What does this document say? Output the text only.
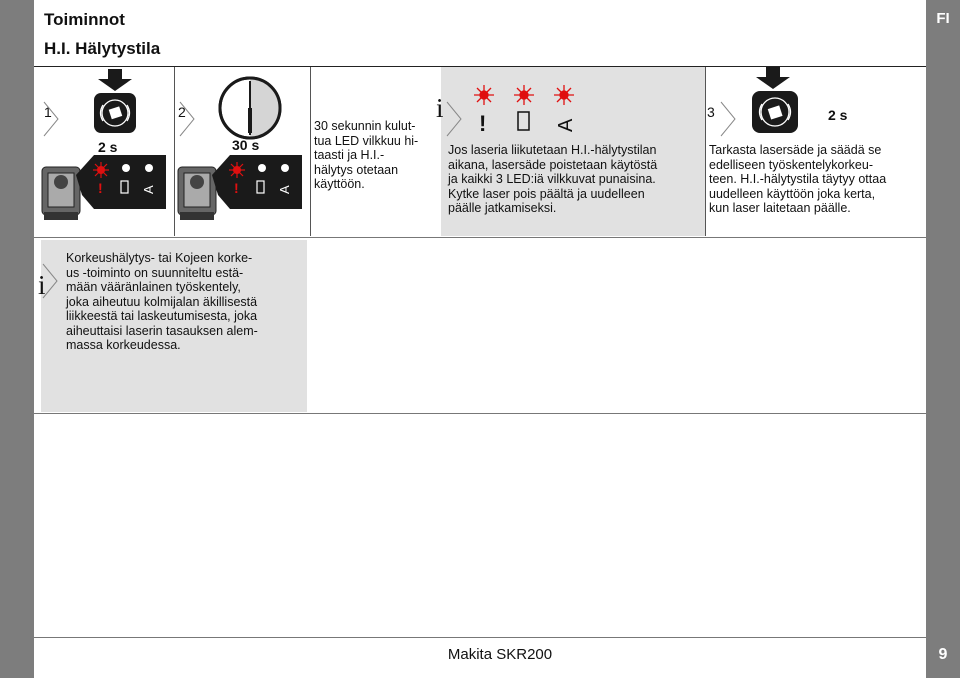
FI
9
Toiminnot
H.I. Hälytystila
1
!	A
2 s
2
!	A
30 s
30 sekunnin kulut-
tua LED vilkkuu hi-
taasti ja H.I.-
hälytys otetaan
käyttöön.
i
!	A
Jos laseria liikutetaan H.I.-hälytystilan
aikana, lasersäde poistetaan käytöstä
ja kaikki 3 LED:iä vilkkuvat punaisina.
Kytke laser pois päältä ja uudelleen
päälle jatkamiseksi.
3	2 s
Tarkasta lasersäde ja säädä se
edelliseen työskentelykorkeu-
teen. H.I.-hälytystila täytyy ottaa
uudelleen käyttöön joka kerta,
kun laser laitetaan päälle.
i
Korkeushälytys- tai Kojeen korke-
us -toiminto on suunniteltu estä-
mään vääränlainen työskentely,
joka aiheutuu kolmijalan äkillisestä
liikkeestä tai laskeutumisesta, joka
aiheuttaisi laserin tasauksen alem-
massa korkeudessa.
Makita SKR200
